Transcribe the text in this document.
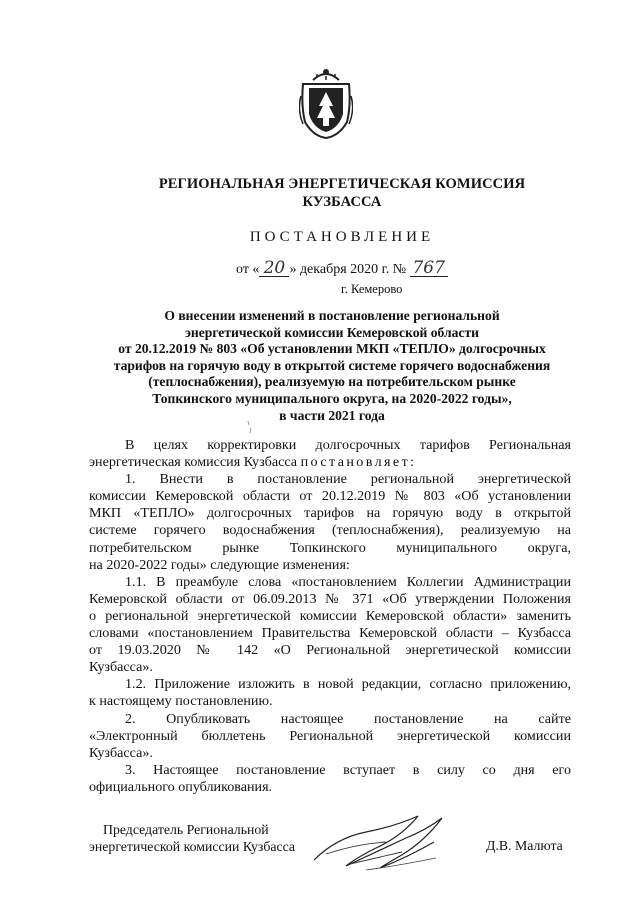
РЕГИОНАЛЬНАЯ ЭНЕРГЕТИЧЕСКАЯ КОМИССИЯ
КУЗБАССА
ПОСТАНОВЛЕНИЕ
от « 20 » декабря 2020 г. № 767
г. Кемерово
О внесении изменений в постановление региональной
энергетической комиссии Кемеровской области
от 20.12.2019 № 803 «Об установлении МКП «ТЕПЛО» долгосрочных
тарифов на горячую воду в открытой системе горячего водоснабжения
(теплоснабжения), реализуемую на потребительском рынке
Топкинского муниципального округа, на 2020-2022 годы»,
в части 2021 года
В целях корректировки долгосрочных тарифов Региональная
энергетическая комиссия Кузбасса постановляет:
1. Внести в постановление региональной энергетической
комиссии Кемеровской области от 20.12.2019 № 803 «Об установлении
МКП «ТЕПЛО» долгосрочных тарифов на горячую воду в открытой
системе горячего водоснабжения (теплоснабжения), реализуемую на
потребительском рынке Топкинского муниципального округа,
на 2020-2022 годы» следующие изменения:
1.1. В преамбуле слова «постановлением Коллегии Администрации
Кемеровской области от 06.09.2013 № 371 «Об утверждении Положения
о региональной энергетической комиссии Кемеровской области» заменить
словами «постановлением Правительства Кемеровской области – Кузбасса
от 19.03.2020 № 142 «О Региональной энергетической комиссии
Кузбасса».
1.2. Приложение изложить в новой редакции, согласно приложению,
к настоящему постановлению.
2. Опубликовать настоящее постановление на сайте
«Электронный бюллетень Региональной энергетической комиссии
Кузбасса».
3. Настоящее постановление вступает в силу со дня его
официального опубликования.
Председатель Региональной
энергетической комиссии Кузбасса	Д.В. Малюта
